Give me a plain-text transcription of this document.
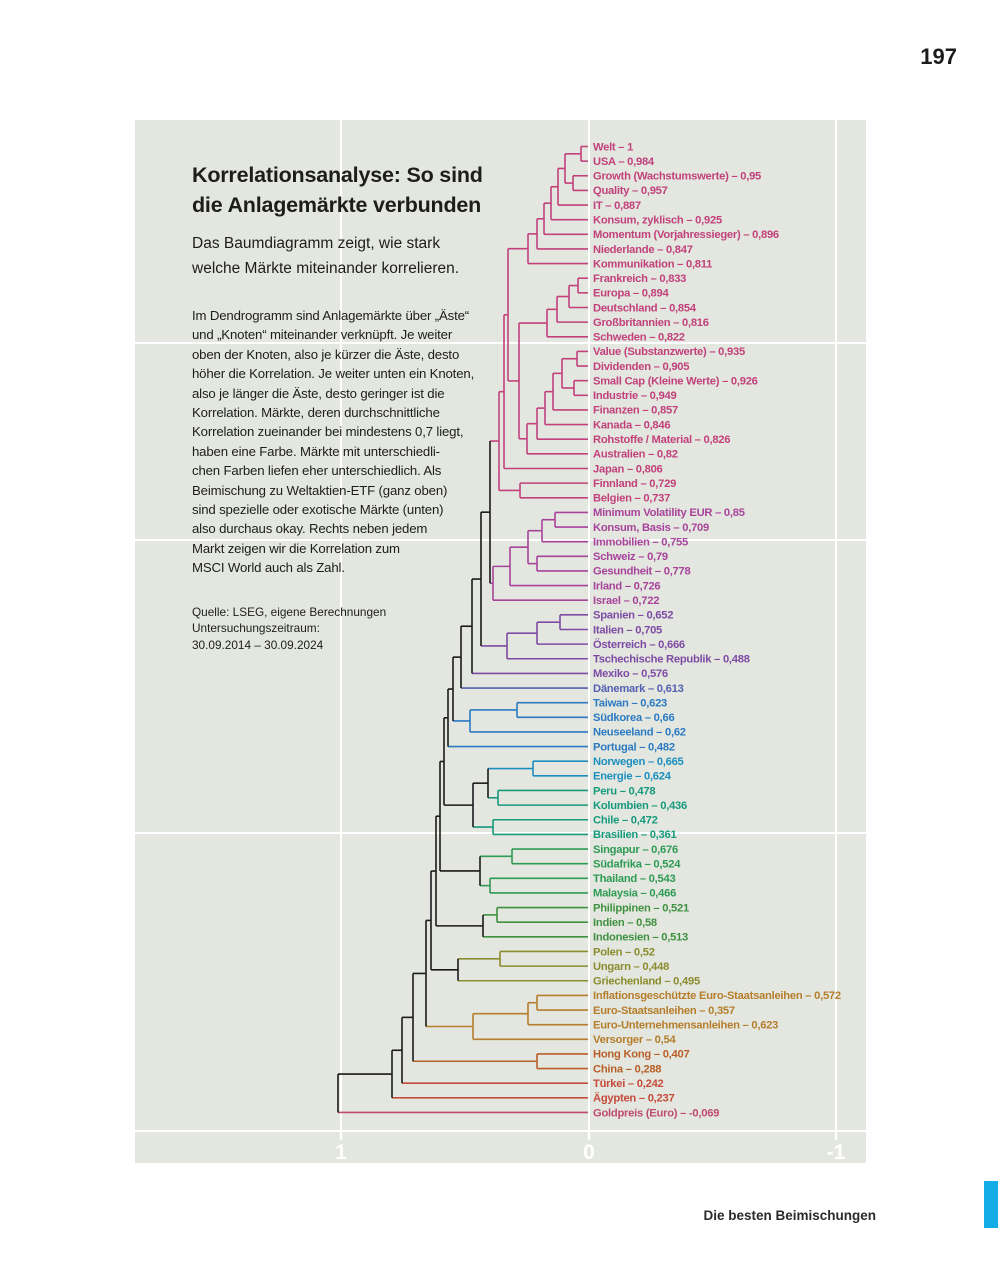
197
1	0	-1
Welt – 1
USA – 0,984
Growth (Wachstumswerte) – 0,95
Quality – 0,957
IT – 0,887
Konsum, zyklisch – 0,925
Momentum (Vorjahressieger) – 0,896
Niederlande – 0,847
Kommunikation – 0,811
Frankreich – 0,833
Europa – 0,894
Deutschland – 0,854
Großbritannien – 0,816
Schweden – 0,822
Value (Substanzwerte) – 0,935
Dividenden – 0,905
Small Cap (Kleine Werte) – 0,926
Industrie – 0,949
Finanzen – 0,857
Kanada – 0,846
Rohstoffe / Material – 0,826
Australien – 0,82
Japan – 0,806
Finnland – 0,729
Belgien – 0,737
Minimum Volatility EUR – 0,85
Konsum, Basis – 0,709
Immobilien – 0,755
Schweiz – 0,79
Gesundheit – 0,778
Irland – 0,726
Israel – 0,722
Spanien – 0,652
Italien – 0,705
Österreich – 0,666
Tschechische Republik – 0,488
Mexiko – 0,576
Dänemark – 0,613
Taiwan – 0,623
Südkorea – 0,66
Neuseeland – 0,62
Portugal – 0,482
Norwegen – 0,665
Energie – 0,624
Peru – 0,478
Kolumbien – 0,436
Chile – 0,472
Brasilien – 0,361
Singapur – 0,676
Südafrika – 0,524
Thailand – 0,543
Malaysia – 0,466
Philippinen – 0,521
Indien – 0,58
Indonesien – 0,513
Polen – 0,52
Ungarn – 0,448
Griechenland – 0,495
Inflationsgeschützte Euro-Staatsanleihen – 0,572
Euro-Staatsanleihen – 0,357
Euro-Unternehmensanleihen – 0,623
Versorger – 0,54
Hong Kong – 0,407
China – 0,288
Türkei – 0,242
Ägypten – 0,237
Goldpreis (Euro) – -0,069
Korrelationsanalyse: So sind
die Anlagemärkte verbunden
Das Baumdiagramm zeigt, wie stark
welche Märkte miteinander korrelieren.
Im Dendrogramm sind Anlagemärkte über „Äste“
und „Knoten“ miteinander verknüpft. Je weiter
oben der Knoten, also je kürzer die Äste, desto
höher die Korrelation. Je weiter unten ein Knoten,
also je länger die Äste, desto geringer ist die
Korrelation. Märkte, deren durchschnittliche
Korrelation zueinander bei mindestens 0,7 liegt,
haben eine Farbe. Märkte mit unterschiedli-
chen Farben liefen eher unterschiedlich. Als
Beimischung zu Weltaktien-ETF (ganz oben)
sind spezielle oder exotische Märkte (unten)
also durchaus okay. Rechts neben jedem
Markt zeigen wir die Korrelation zum
MSCI World auch als Zahl.
Quelle: LSEG, eigene Berechnungen
Untersuchungszeitraum:
30.09.2014 – 30.09.2024
Die besten Beimischungen
